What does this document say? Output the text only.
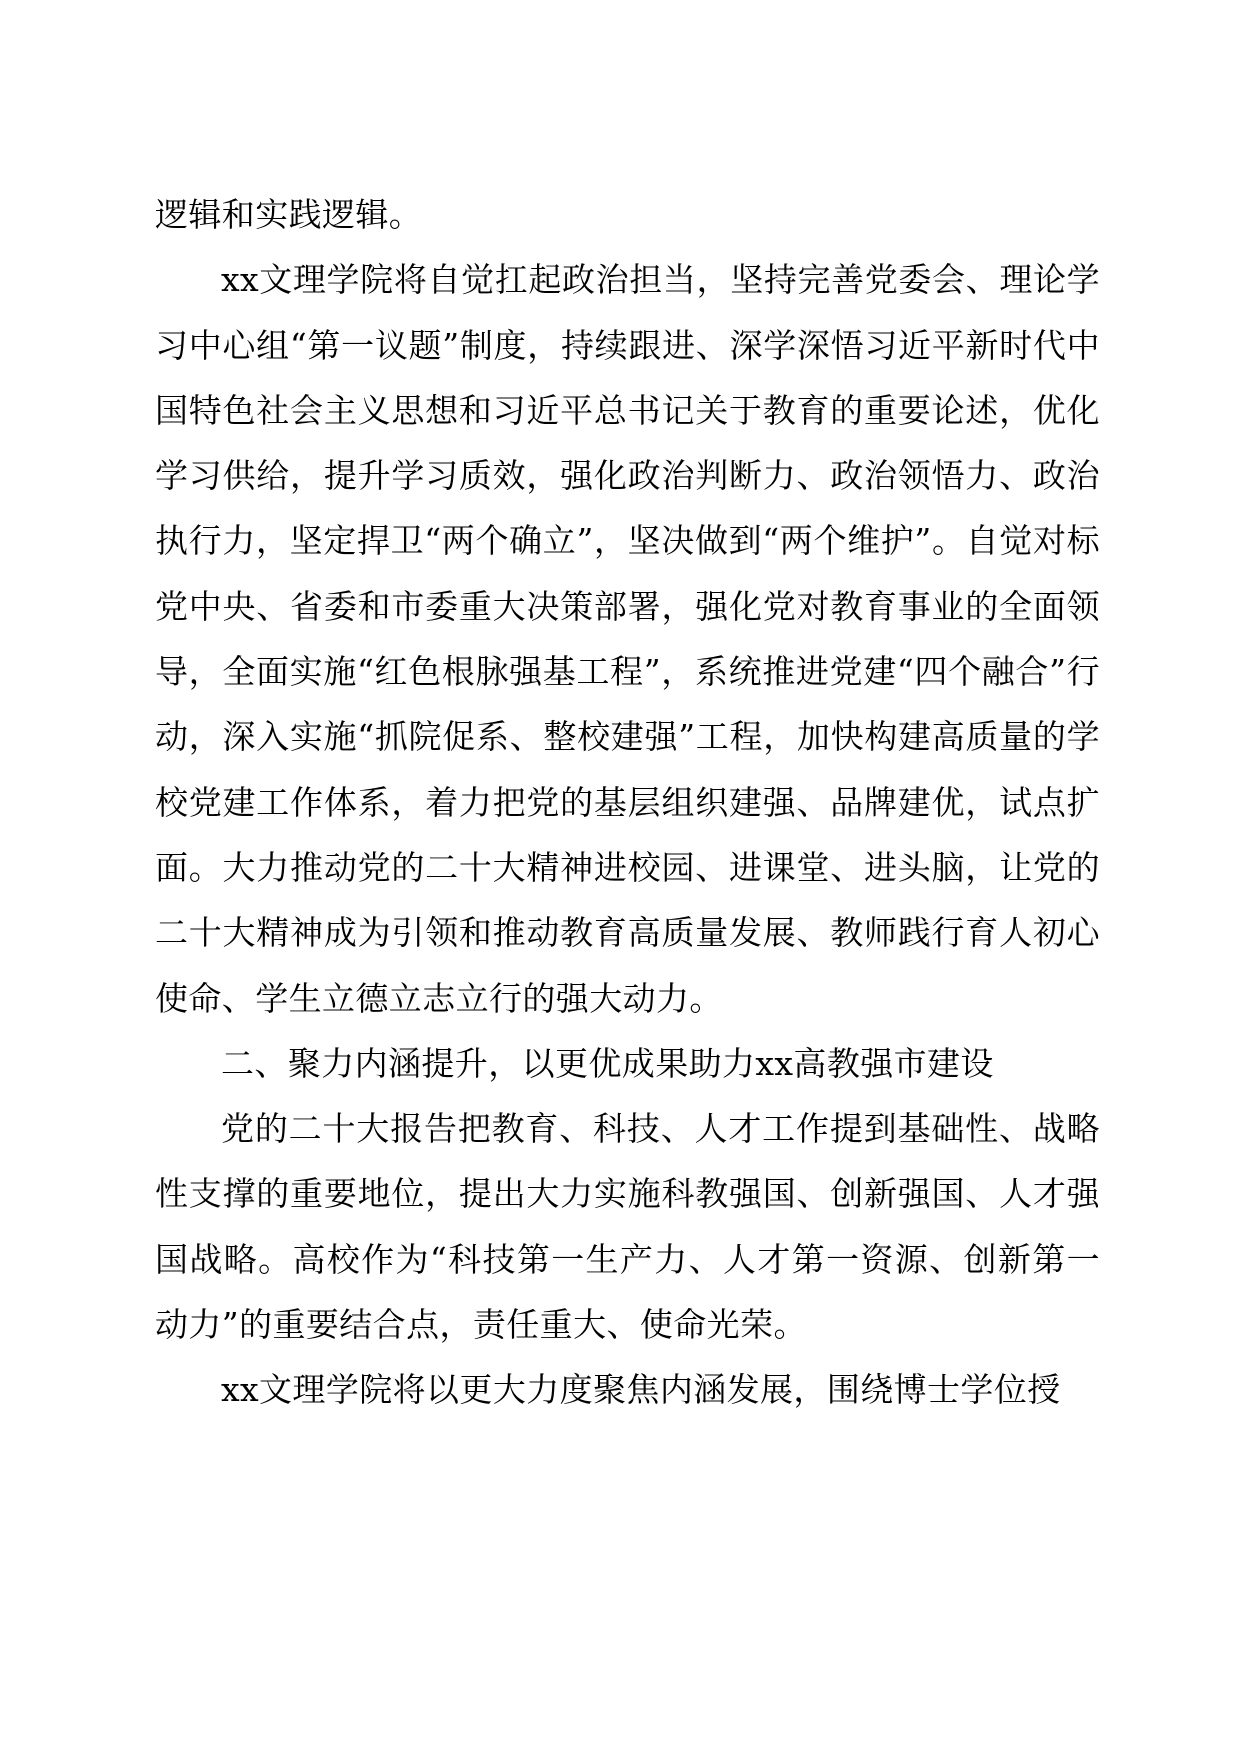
逻辑和实践逻辑。

xx文理学院将自觉扛起政治担当，坚持完善党委会、理论学习中心组“第一议题”制度，持续跟进、深学深悟习近平新时代中国特色社会主义思想和习近平总书记关于教育的重要论述，优化学习供给，提升学习质效，强化政治判断力、政治领悟力、政治执行力，坚定捍卫“两个确立”，坚决做到“两个维护”。自觉对标党中央、省委和市委重大决策部署，强化党对教育事业的全面领导，全面实施“红色根脉强基工程”，系统推进党建“四个融合”行动，深入实施“抓院促系、整校建强”工程，加快构建高质量的学校党建工作体系，着力把党的基层组织建强、品牌建优，试点扩面。大力推动党的二十大精神进校园、进课堂、进头脑，让党的二十大精神成为引领和推动教育高质量发展、教师践行育人初心使命、学生立德立志立行的强大动力。

二、聚力内涵提升，以更优成果助力xx高教强市建设

党的二十大报告把教育、科技、人才工作提到基础性、战略性支撑的重要地位，提出大力实施科教强国、创新强国、人才强国战略。高校作为“科技第一生产力、人才第一资源、创新第一动力”的重要结合点，责任重大、使命光荣。

xx文理学院将以更大力度聚焦内涵发展，围绕博士学位授
